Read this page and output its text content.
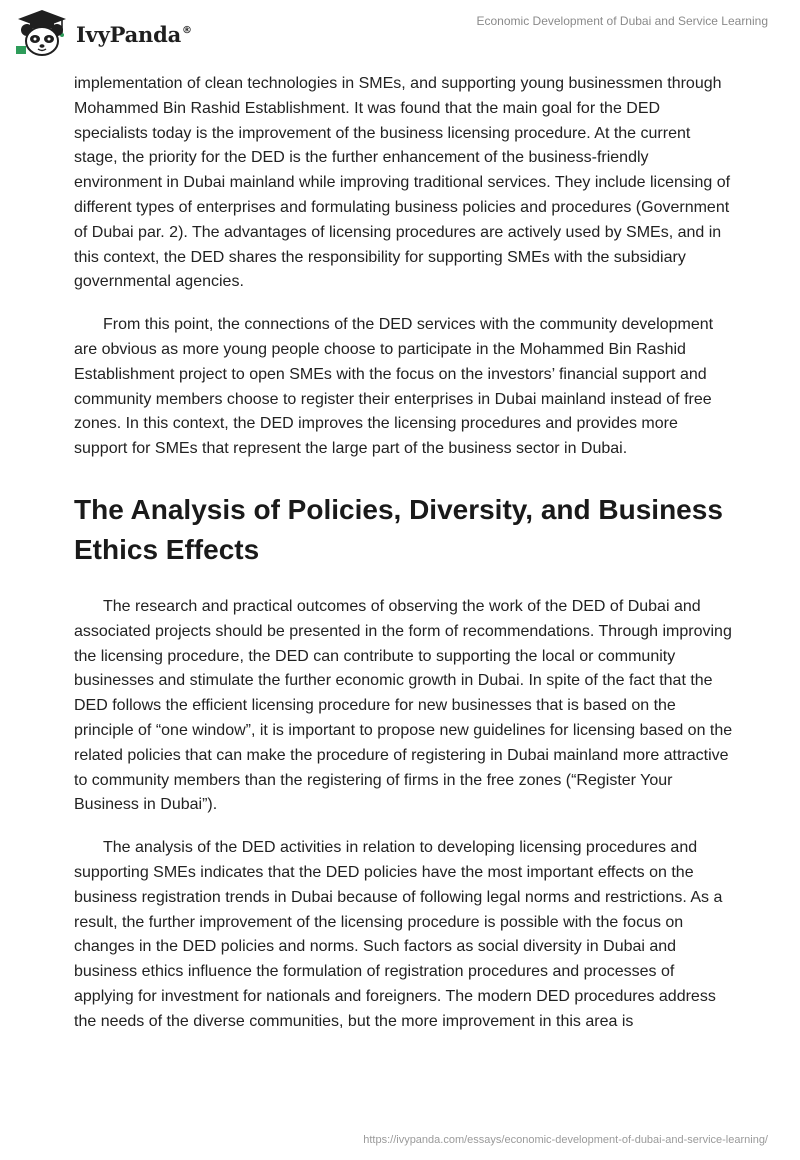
IvyPanda®
Economic Development of Dubai and Service Learning

implementation of clean technologies in SMEs, and supporting young businessmen through Mohammed Bin Rashid Establishment. It was found that the main goal for the DED specialists today is the improvement of the business licensing procedure. At the current stage, the priority for the DED is the further enhancement of the business-friendly environment in Dubai mainland while improving traditional services. They include licensing of different types of enterprises and formulating business policies and procedures (Government of Dubai par. 2). The advantages of licensing procedures are actively used by SMEs, and in this context, the DED shares the responsibility for supporting SMEs with the subsidiary governmental agencies.

From this point, the connections of the DED services with the community development are obvious as more young people choose to participate in the Mohammed Bin Rashid Establishment project to open SMEs with the focus on the investors’ financial support and community members choose to register their enterprises in Dubai mainland instead of free zones. In this context, the DED improves the licensing procedures and provides more support for SMEs that represent the large part of the business sector in Dubai.

The Analysis of Policies, Diversity, and Business Ethics Effects

The research and practical outcomes of observing the work of the DED of Dubai and associated projects should be presented in the form of recommendations. Through improving the licensing procedure, the DED can contribute to supporting the local or community businesses and stimulate the further economic growth in Dubai. In spite of the fact that the DED follows the efficient licensing procedure for new businesses that is based on the principle of “one window”, it is important to propose new guidelines for licensing based on the related policies that can make the procedure of registering in Dubai mainland more attractive to community members than the registering of firms in the free zones (“Register Your Business in Dubai”).

The analysis of the DED activities in relation to developing licensing procedures and supporting SMEs indicates that the DED policies have the most important effects on the business registration trends in Dubai because of following legal norms and restrictions. As a result, the further improvement of the licensing procedure is possible with the focus on changes in the DED policies and norms. Such factors as social diversity in Dubai and business ethics influence the formulation of registration procedures and processes of applying for investment for nationals and foreigners. The modern DED procedures address the needs of the diverse communities, but the more improvement in this area is

https://ivypanda.com/essays/economic-development-of-dubai-and-service-learning/
